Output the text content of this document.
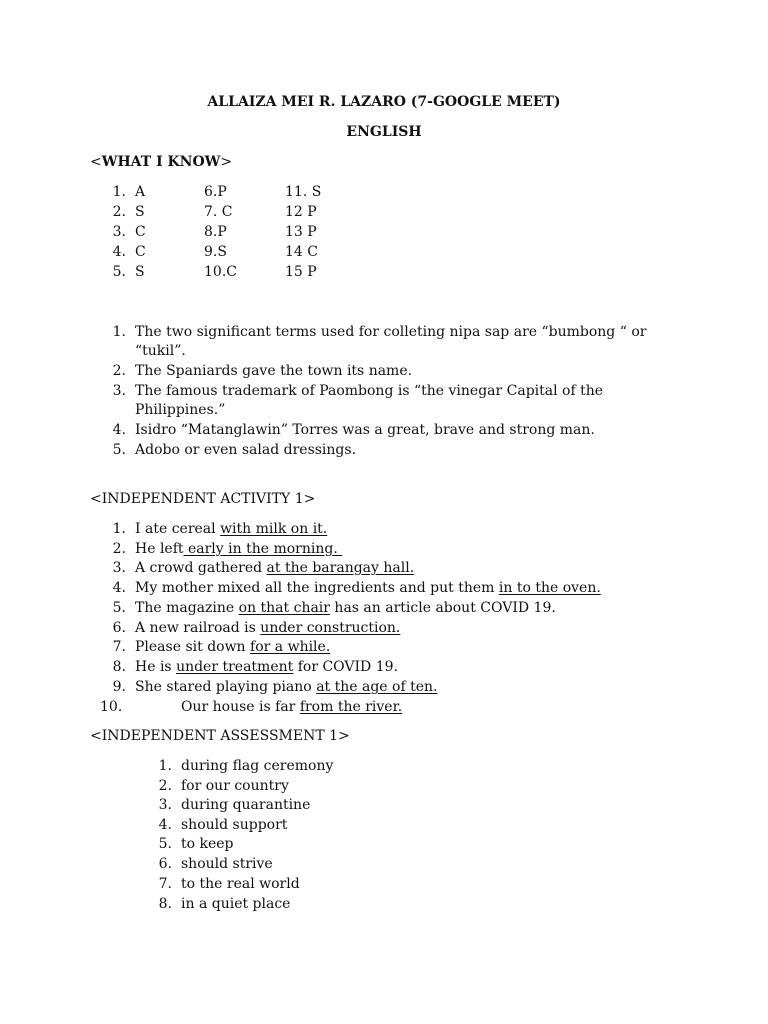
ALLAIZA MEI R. LAZARO (7-GOOGLE MEET)
ENGLISH
<WHAT I KNOW>
1. A	6.P	11. S
2. S	7. C	12 P
3. C	8.P	13 P
4. C	9.S	14 C
5. S	10.C	15 P
1. The two significant terms used for colleting nipa sap are “bumbong “ or
“tukil”.
2. The Spaniards gave the town its name.
3. The famous trademark of Paombong is “the vinegar Capital of the
Philippines.”
4. Isidro “Matanglawin” Torres was a great, brave and strong man.
5. Adobo or even salad dressings.
<INDEPENDENT ACTIVITY 1>
1. I ate cereal with milk on it.
2. He left early in the morning.
3. A crowd gathered at the barangay hall.
4. My mother mixed all the ingredients and put them in to the oven.
5. The magazine on that chair has an article about COVID 19.
6. A new railroad is under construction.
7. Please sit down for a while.
8. He is under treatment for COVID 19.
9. She stared playing piano at the age of ten.
10.	Our house is far from the river.
<INDEPENDENT ASSESSMENT 1>
1. during flag ceremony
2. for our country
3. during quarantine
4. should support
5. to keep
6. should strive
7. to the real world
8. in a quiet place
